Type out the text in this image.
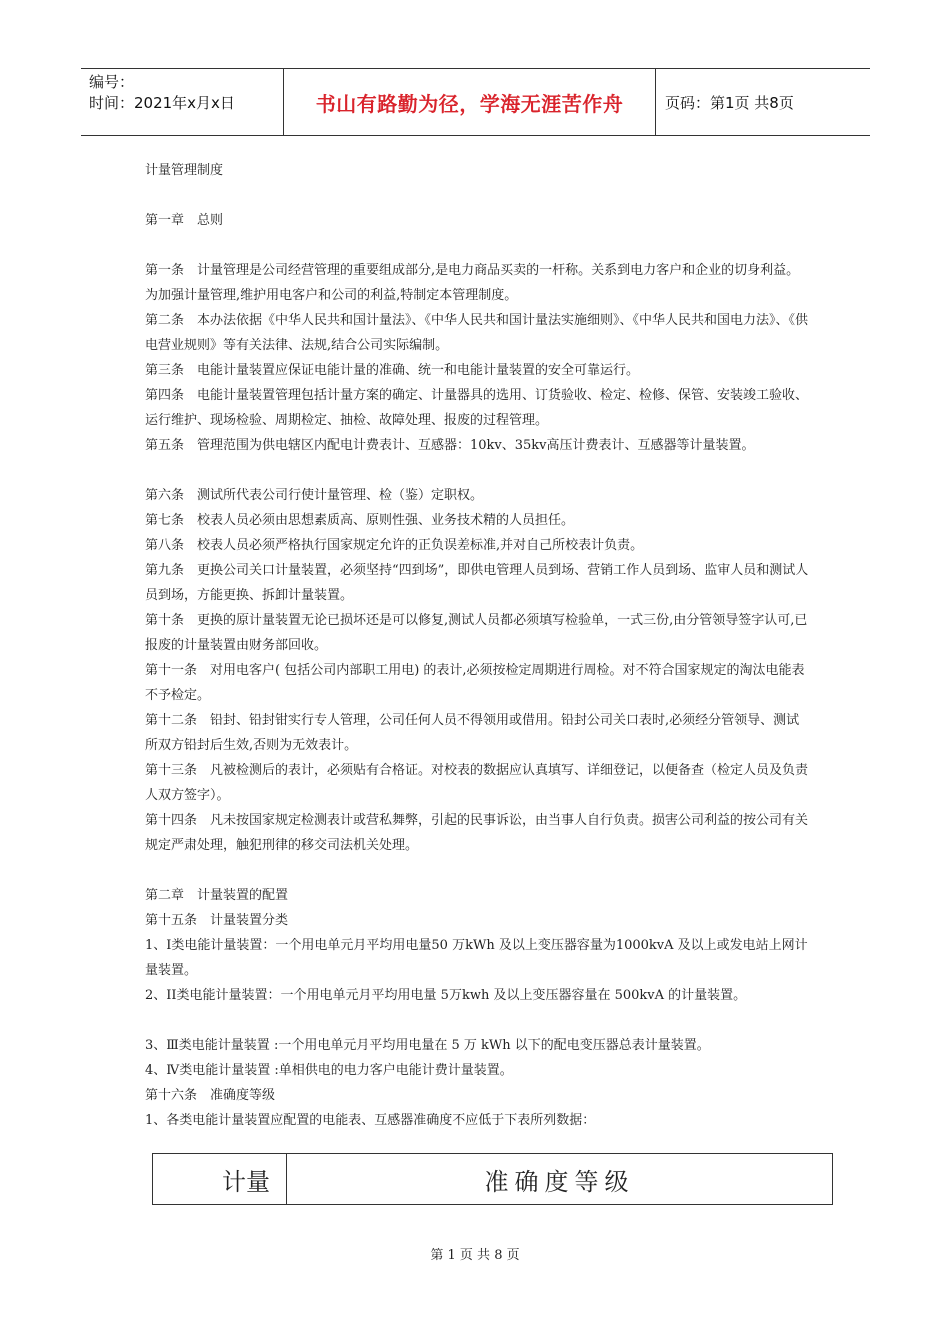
编号：
时间：2021年x月x日	书山有路勤为径，学海无涯苦作舟	页码：第1页 共8页

计量管理制度

第一章　总则

第一条　计量管理是公司经营管理的重要组成部分,是电力商品买卖的一杆称。关系到电力客户和企业的切身利益。为加强计量管理,维护用电客户和公司的利益,特制定本管理制度。

第二条　本办法依据《中华人民共和国计量法》、《中华人民共和国计量法实施细则》、《中华人民共和国电力法》、《供电营业规则》等有关法律、法规,结合公司实际编制。

第三条　电能计量装置应保证电能计量的准确、统一和电能计量装置的安全可靠运行。

第四条　电能计量装置管理包括计量方案的确定、计量器具的选用、订货验收、检定、检修、保管、安装竣工验收、运行维护、现场检验、周期检定、抽检、故障处理、报废的过程管理。

第五条　管理范围为供电辖区内配电计费表计、互感器：10kv、35kv高压计费表计、互感器等计量装置。

第六条　测试所代表公司行使计量管理、检（鉴）定职权。

第七条　校表人员必须由思想素质高、原则性强、业务技术精的人员担任。

第八条　校表人员必须严格执行国家规定允许的正负误差标准,并对自己所校表计负责。

第九条　更换公司关口计量装置，必须坚持“四到场”，即供电管理人员到场、营销工作人员到场、监审人员和测试人员到场，方能更换、拆卸计量装置。

第十条　更换的原计量装置无论已损坏还是可以修复,测试人员都必须填写检验单，一式三份,由分管领导签字认可,已报废的计量装置由财务部回收。

第十一条　对用电客户( 包括公司内部职工用电) 的表计,必须按检定周期进行周检。对不符合国家规定的淘汰电能表不予检定。

第十二条　铅封、铅封钳实行专人管理，公司任何人员不得领用或借用。铅封公司关口表时,必须经分管领导、测试所双方铅封后生效,否则为无效表计。

第十三条　凡被检测后的表计，必须贴有合格证。对校表的数据应认真填写、详细登记，以便备查（检定人员及负责人双方签字）。

第十四条　凡未按国家规定检测表计或营私舞弊，引起的民事诉讼，由当事人自行负责。损害公司利益的按公司有关规定严肃处理，触犯刑律的移交司法机关处理。

第二章　计量装置的配置

第十五条　计量装置分类

1、I类电能计量装置：一个用电单元月平均用电量50 万kWh 及以上变压器容量为1000kvA 及以上或发电站上网计量装置。

2、II类电能计量装置：一个用电单元月平均用电量 5万kwh 及以上变压器容量在 500kvA 的计量装置。

3、Ⅲ类电能计量装置 :一个用电单元月平均用电量在 5 万 kWh 以下的配电变压器总表计量装置。

4、Ⅳ类电能计量装置 :单相供电的电力客户电能计费计量装置。

第十六条　准确度等级

1、各类电能计量装置应配置的电能表、互感器准确度不应低于下表所列数据：

计量	准确度等级
第 1 页 共 8 页
